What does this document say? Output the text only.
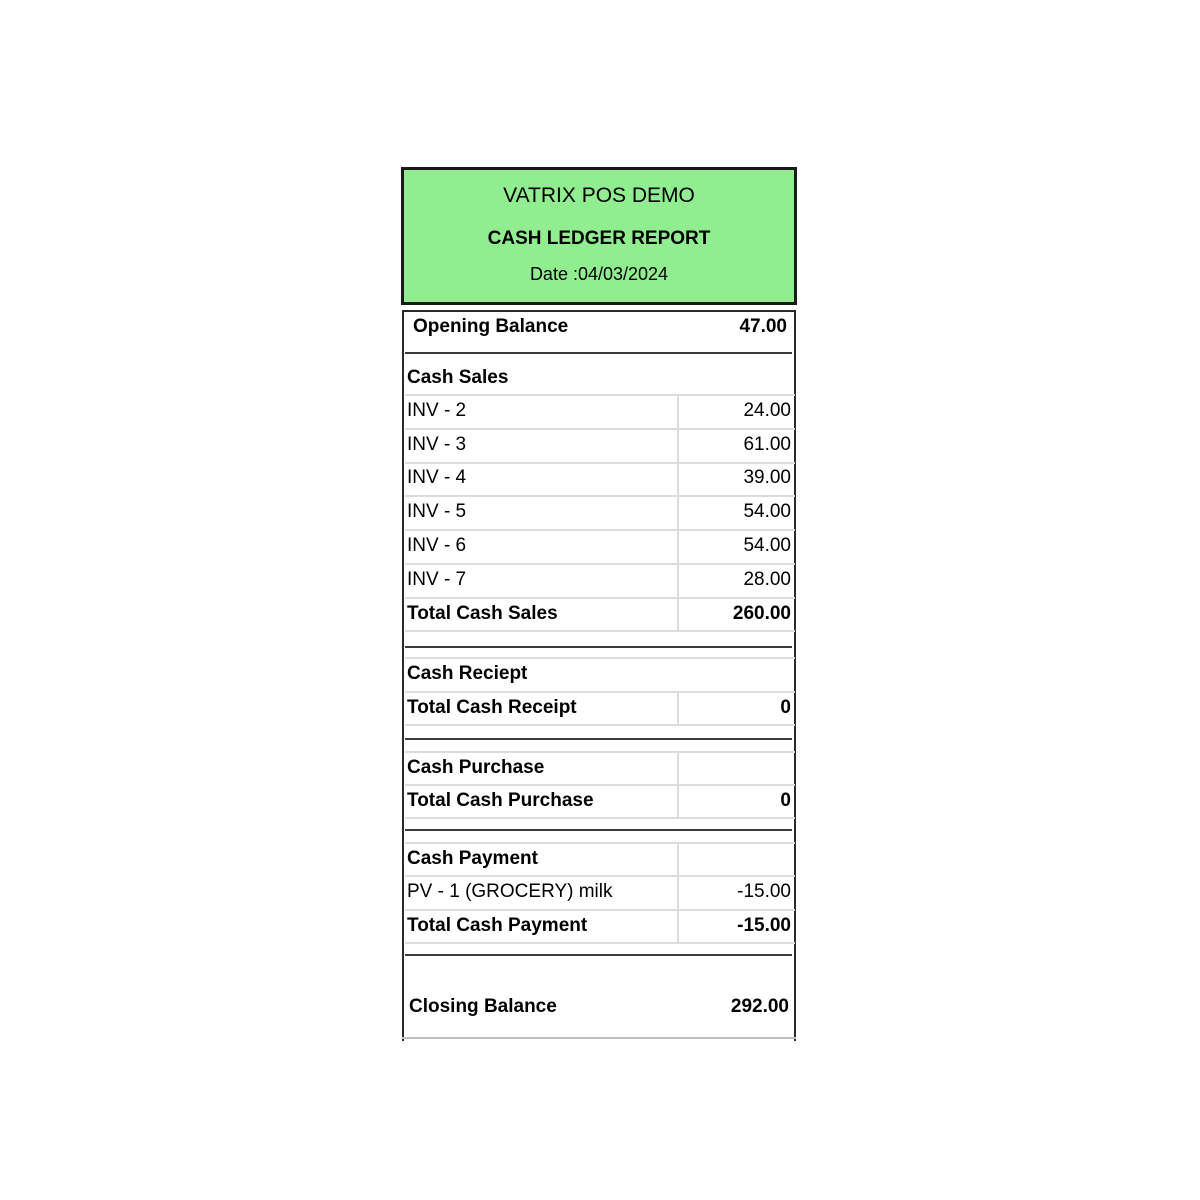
VATRIX POS DEMO
CASH LEDGER REPORT
Date :04/03/2024
Opening Balance	47.00
Cash Sales
INV - 2	24.00
INV - 3	61.00
INV - 4	39.00
INV - 5	54.00
INV - 6	54.00
INV - 7	28.00
Total Cash Sales	260.00
Cash Reciept
Total Cash Receipt	0
Cash Purchase
Total Cash Purchase	0
Cash Payment
PV - 1 (GROCERY) milk	-15.00
Total Cash Payment	-15.00
Closing Balance	292.00
